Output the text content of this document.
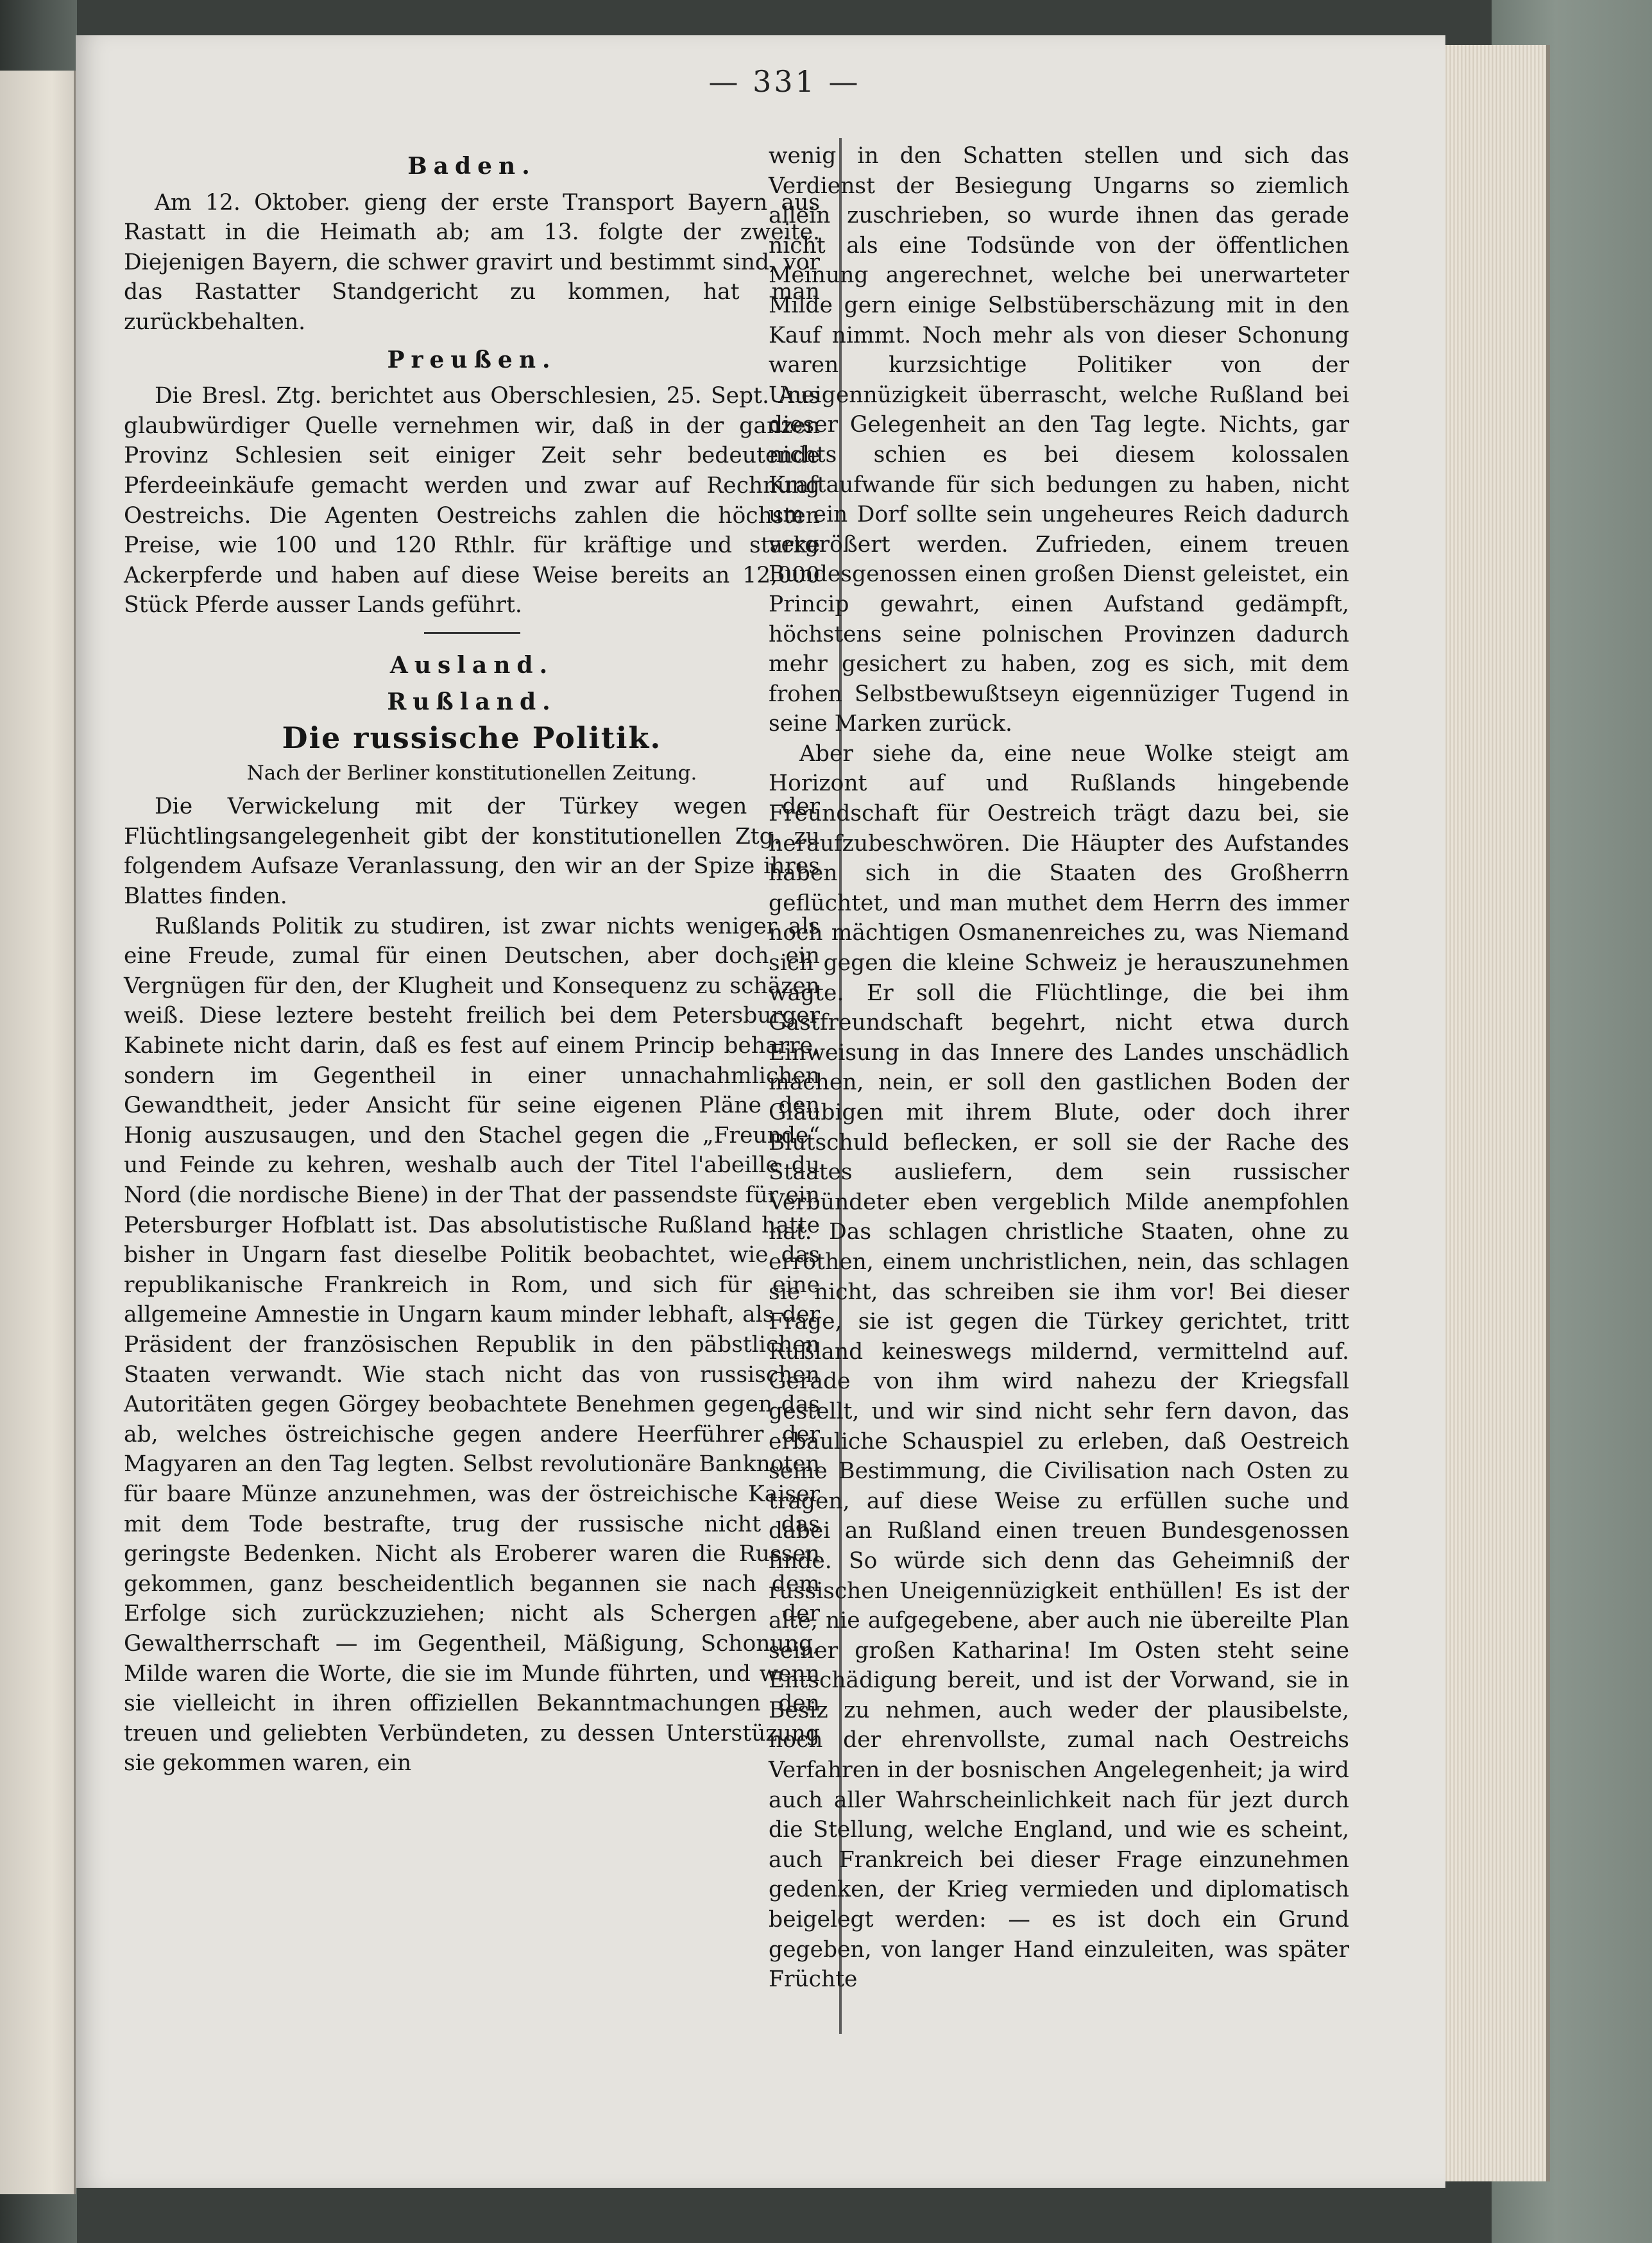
— 331 —
Baden.

Am 12. Oktober. gieng der erste Transport Bayern aus Rastatt in die Heimath ab; am 13. folgte der zweite. Diejenigen Bayern, die schwer gravirt und bestimmt sind, vor das Rastatter Standgericht zu kommen, hat man zurückbehalten.

Preußen.

Die Bresl. Ztg. berichtet aus Oberschlesien, 25. Sept. Aus glaubwürdiger Quelle vernehmen wir, daß in der ganzen Provinz Schlesien seit einiger Zeit sehr bedeutende Pferdeeinkäufe gemacht werden und zwar auf Rechnung Oestreichs. Die Agenten Oestreichs zahlen die höchsten Preise, wie 100 und 120 Rthlr. für kräftige und starke Ackerpferde und haben auf diese Weise bereits an 12,000 Stück Pferde ausser Lands geführt.

Ausland.
Rußland.
Die russische Politik.
Nach der Berliner konstitutionellen Zeitung.

Die Verwickelung mit der Türkey wegen der Flüchtlingsangelegenheit gibt der konstitutionellen Ztg. zu folgendem Aufsaze Veranlassung, den wir an der Spize ihres Blattes finden.

Rußlands Politik zu studiren, ist zwar nichts weniger als eine Freude, zumal für einen Deutschen, aber doch ein Vergnügen für den, der Klugheit und Konsequenz zu schäzen weiß. Diese leztere besteht freilich bei dem Petersburger Kabinete nicht darin, daß es fest auf einem Princip beharre, sondern im Gegentheil in einer unnachahmlichen Gewandtheit, jeder Ansicht für seine eigenen Pläne den Honig auszusaugen, und den Stachel gegen die „Freunde“ und Feinde zu kehren, weshalb auch der Titel l'abeille du Nord (die nordische Biene) in der That der passendste für ein Petersburger Hofblatt ist. Das absolutistische Rußland hatte bisher in Ungarn fast dieselbe Politik beobachtet, wie das republikanische Frankreich in Rom, und sich für eine allgemeine Amnestie in Ungarn kaum minder lebhaft, als der Präsident der französischen Republik in den päbstlichen Staaten verwandt. Wie stach nicht das von russischen Autoritäten gegen Görgey beobachtete Benehmen gegen das ab, welches östreichische gegen andere Heerführer der Magyaren an den Tag legten. Selbst revolutionäre Banknoten für baare Münze anzunehmen, was der östreichische Kaiser mit dem Tode bestrafte, trug der russische nicht das geringste Bedenken. Nicht als Eroberer waren die Russen gekommen, ganz bescheidentlich begannen sie nach dem Erfolge sich zurückzuziehen; nicht als Schergen der Gewaltherrschaft — im Gegentheil, Mäßigung, Schonung, Milde waren die Worte, die sie im Munde führten, und wenn sie vielleicht in ihren offiziellen Bekanntmachungen den treuen und geliebten Verbündeten, zu dessen Unterstüzung sie gekommen waren, ein

wenig in den Schatten stellen und sich das Verdienst der Besiegung Ungarns so ziemlich allein zuschrieben, so wurde ihnen das gerade nicht als eine Todsünde von der öffentlichen Meinung angerechnet, welche bei unerwarteter Milde gern einige Selbstüberschäzung mit in den Kauf nimmt. Noch mehr als von dieser Schonung waren kurzsichtige Politiker von der Uneigennüzigkeit überrascht, welche Rußland bei dieser Gelegenheit an den Tag legte. Nichts, gar nichts schien es bei diesem kolossalen Kraftaufwande für sich bedungen zu haben, nicht um ein Dorf sollte sein ungeheures Reich dadurch vergrößert werden. Zufrieden, einem treuen Bundesgenossen einen großen Dienst geleistet, ein Princip gewahrt, einen Aufstand gedämpft, höchstens seine polnischen Provinzen dadurch mehr gesichert zu haben, zog es sich, mit dem frohen Selbstbewußtseyn eigennüziger Tugend in seine Marken zurück.

Aber siehe da, eine neue Wolke steigt am Horizont auf und Rußlands hingebende Freundschaft für Oestreich trägt dazu bei, sie heraufzubeschwören. Die Häupter des Aufstandes haben sich in die Staaten des Großherrn geflüchtet, und man muthet dem Herrn des immer noch mächtigen Osmanenreiches zu, was Niemand sich gegen die kleine Schweiz je herauszunehmen wagte. Er soll die Flüchtlinge, die bei ihm Gastfreundschaft begehrt, nicht etwa durch Einweisung in das Innere des Landes unschädlich machen, nein, er soll den gastlichen Boden der Gläubigen mit ihrem Blute, oder doch ihrer Blutschuld beflecken, er soll sie der Rache des Staates ausliefern, dem sein russischer Verbündeter eben vergeblich Milde anempfohlen hat. Das schlagen christliche Staaten, ohne zu erröthen, einem unchristlichen, nein, das schlagen sie nicht, das schreiben sie ihm vor! Bei dieser Frage, sie ist gegen die Türkey gerichtet, tritt Rußland keineswegs mildernd, vermittelnd auf. Gerade von ihm wird nahezu der Kriegsfall gestellt, und wir sind nicht sehr fern davon, das erbauliche Schauspiel zu erleben, daß Oestreich seine Bestimmung, die Civilisation nach Osten zu tragen, auf diese Weise zu erfüllen suche und dabei an Rußland einen treuen Bundesgenossen finde. So würde sich denn das Geheimniß der russischen Uneigennüzigkeit enthüllen! Es ist der alte, nie aufgegebene, aber auch nie übereilte Plan seiner großen Katharina! Im Osten steht seine Entschädigung bereit, und ist der Vorwand, sie in Besiz zu nehmen, auch weder der plausibelste, noch der ehrenvollste, zumal nach Oestreichs Verfahren in der bosnischen Angelegenheit; ja wird auch aller Wahrscheinlichkeit nach für jezt durch die Stellung, welche England, und wie es scheint, auch Frankreich bei dieser Frage einzunehmen gedenken, der Krieg vermieden und diplomatisch beigelegt werden: — es ist doch ein Grund gegeben, von langer Hand einzuleiten, was später Früchte
